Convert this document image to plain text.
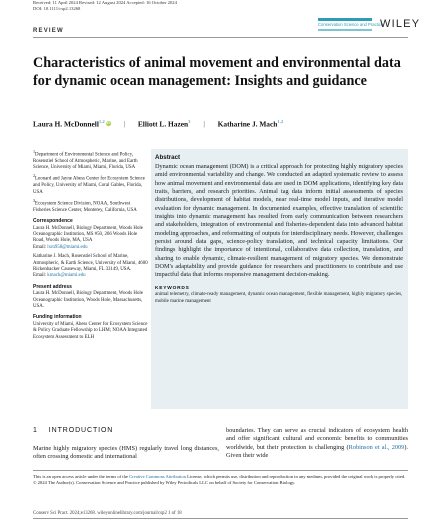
Received: 11 April 2024 Revised: 12 August 2024 Accepted: 16 October 2024
DOI: 10.1111/csp2.13268
REVIEW
Conservation Science and Practice
WILEY
Characteristics of animal movement and environmental data for dynamic ocean management: Insights and guidance
Laura H. McDonnell$^{1,2}$ iD | Elliott L. Hazen$^3$ | Katharine J. Mach$^{1,2}$
$^1$Department of Environmental Science and Policy, Rosenstiel School of Atmospheric, Marine, and Earth Science, University of Miami, Miami, Florida, USA
$^2$Leonard and Jayne Abess Center for Ecosystem Science and Policy, University of Miami, Coral Gables, Florida, USA
$^3$Ecosystem Science Division, NOAA, Southwest Fisheries Science Center, Monterey, California, USA
Correspondence
Laura H. McDonnell, Biology Department, Woods Hole Oceanographic Institution, MS #50, 266 Woods Hole Road, Woods Hole, MA, USA
Email: lxm958@miami.edu
Katharine J. Mach, Rosenstiel School of Marine, Atmospheric, & Earth Science, University of Miami, 4600 Rickenbacker Causeway, Miami, FL 33149, USA.
Email: kmach@miami.edu
Present address
Laura H. McDonnell, Biology Department, Woods Hole Oceanographic Institution, Woods Hole, Massachusetts, USA.
Funding information
University of Miami, Abess Center for Ecosystem Science & Policy Graduate Fellowship to LHM; NOAA Integrated Ecosystem Assessment to ELH
Abstract

Dynamic ocean management (DOM) is a critical approach for protecting highly migratory species amid environmental variability and change. We conducted an adapted systematic review to assess how animal movement and environmental data are used in DOM applications, identifying key data traits, barriers, and research priorities. Animal tag data inform initial assessments of species distributions, development of habitat models, near real-time model inputs, and iterative model evaluation for dynamic management. In documented examples, effective translation of scientific insights into dynamic management has resulted from early communication between researchers and stakeholders, integration of environmental and fisheries-dependent data into advanced habitat modeling approaches, and reformatting of outputs for interdisciplinary needs. However, challenges persist around data gaps, science-policy translation, and technical capacity limitations. Our findings highlight the importance of intentional, collaborative data collection, translation, and sharing to enable dynamic, climate-resilient management of migratory species. We demonstrate DOM's adaptability and provide guidance for researchers and practitioners to contribute and use impactful data that informs responsive management decision-making.

KEYWORDS

animal telemetry, climate-ready management, dynamic ocean management, flexible management, highly migratory species, mobile marine management

1 INTRODUCTION

Marine highly migratory species (HMS) regularly travel long distances, often crossing domestic and international

boundaries. They can serve as crucial indicators of ecosystem health and offer significant cultural and economic benefits to communities worldwide, but their protection is challenging (Robinson et al., 2009). Given their wide

This is an open access article under the terms of the Creative Commons Attribution License, which permits use, distribution and reproduction in any medium, provided the original work is properly cited.
© 2024 The Author(s). Conservation Science and Practice published by Wiley Periodicals LLC on behalf of Society for Conservation Biology.
Conserv Sci Pract. 2024;e13268. wileyonlinelibrary.com/journal/csp2 1 of 18
